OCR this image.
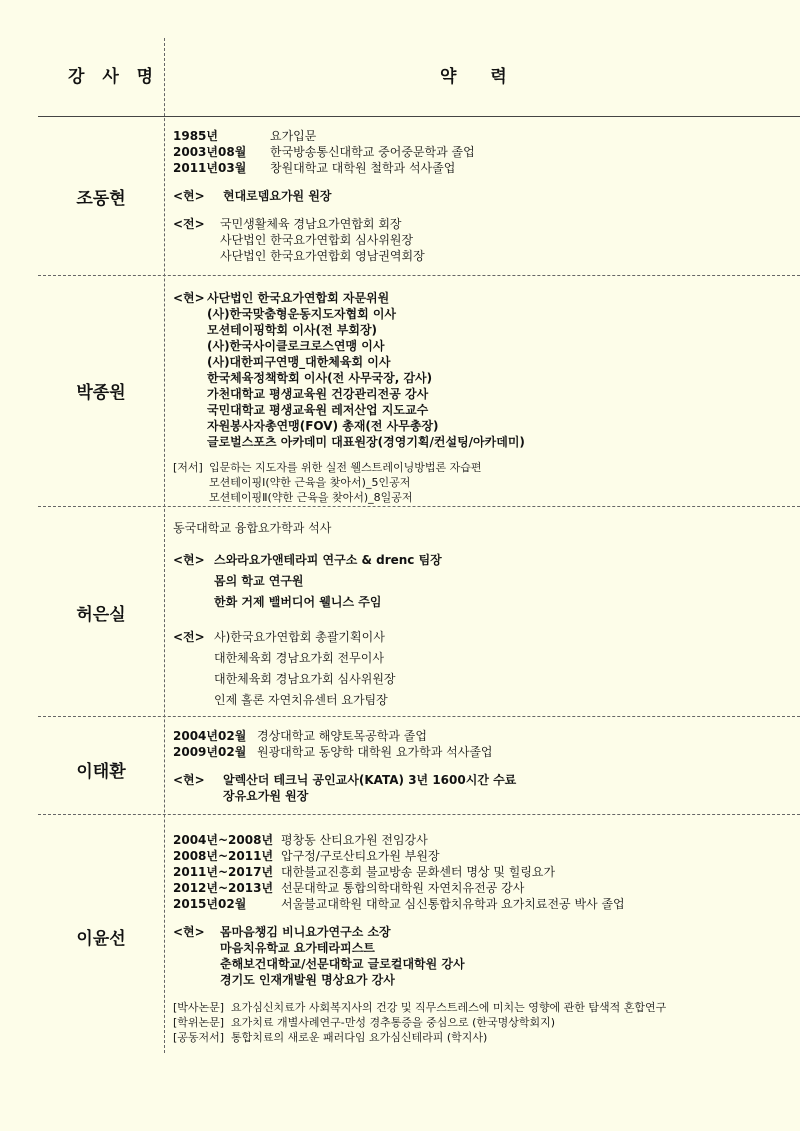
강 사 명	약 력
조동현
1985년	요가입문
2003년08월	한국방송통신대학교 중어중문학과 졸업
2011년03월	창원대학교 대학원 철학과 석사졸업
<현>	현대로뎀요가원 원장
<전>	국민생활체육 경남요가연합회 회장
사단법인 한국요가연합회 심사위원장
사단법인 한국요가연합회 영남권역회장
박종원
<현> 사단법인 한국요가연합회 자문위원
(사)한국맞춤형운동지도자협회 이사
모션테이핑학회 이사(전 부회장)
(사)한국사이클로크로스연맹 이사
(사)대한피구연맹_대한체육회 이사
한국체육정책학회 이사(전 사무국장, 감사)
가천대학교 평생교육원 건강관리전공 강사
국민대학교 평생교육원 레저산업 지도교수
자원봉사자총연맹(FOV) 총재(전 사무총장)
글로벌스포츠 아카데미 대표원장(경영기획/컨설팅/아카데미)
[저서] 입문하는 지도자를 위한 실전 웰스트레이닝방법론 자습편
모션테이핑Ⅰ(약한 근육을 찾아서)_5인공저
모션테이핑Ⅱ(약한 근육을 찾아서)_8일공저
허은실
동국대학교 융합요가학과 석사
<현> 스와라요가앤테라피 연구소 & drenc 팀장
몸의 학교 연구원
한화 거제 밸버디어 웰니스 주임
<전> 사)한국요가연합회 총괄기획이사
대한체육회 경남요가회 전무이사
대한체육회 경남요가회 심사위원장
인제 홀론 자연치유센터 요가팀장
이태환
2004년02월 경상대학교 해양토목공학과 졸업
2009년02월 원광대학교 동양학 대학원 요가학과 석사졸업
<현>	알렉산더 테크닉 공인교사(KATA) 3년 1600시간 수료
장유요가원 원장
이윤선
2004년~2008년 평창동 산티요가원 전임강사
2008년~2011년 압구정/구로산티요가원 부원장
2011년~2017년 대한불교진흥회 불교방송 문화센터 명상 및 힐링요가
2012년~2013년 선문대학교 통합의학대학원 자연치유전공 강사
2015년02월	서울불교대학원 대학교 심신통합치유학과 요가치료전공 박사 졸업
<현>	몸마음챙김 비니요가연구소 소장
마음치유학교 요가테라피스트
춘해보건대학교/선문대학교 글로컬대학원 강사
경기도 인재개발원 명상요가 강사
[박사논문] 요가심신치료가 사회복지사의 건강 및 직무스트레스에 미치는 영향에 관한 탐색적 혼합연구
[학위논문] 요가치료 개별사례연구-만성 경추통증을 중심으로 (한국명상학회지)
[공동저서] 통합치료의 새로운 패러다임 요가심신테라피 (학지사)
